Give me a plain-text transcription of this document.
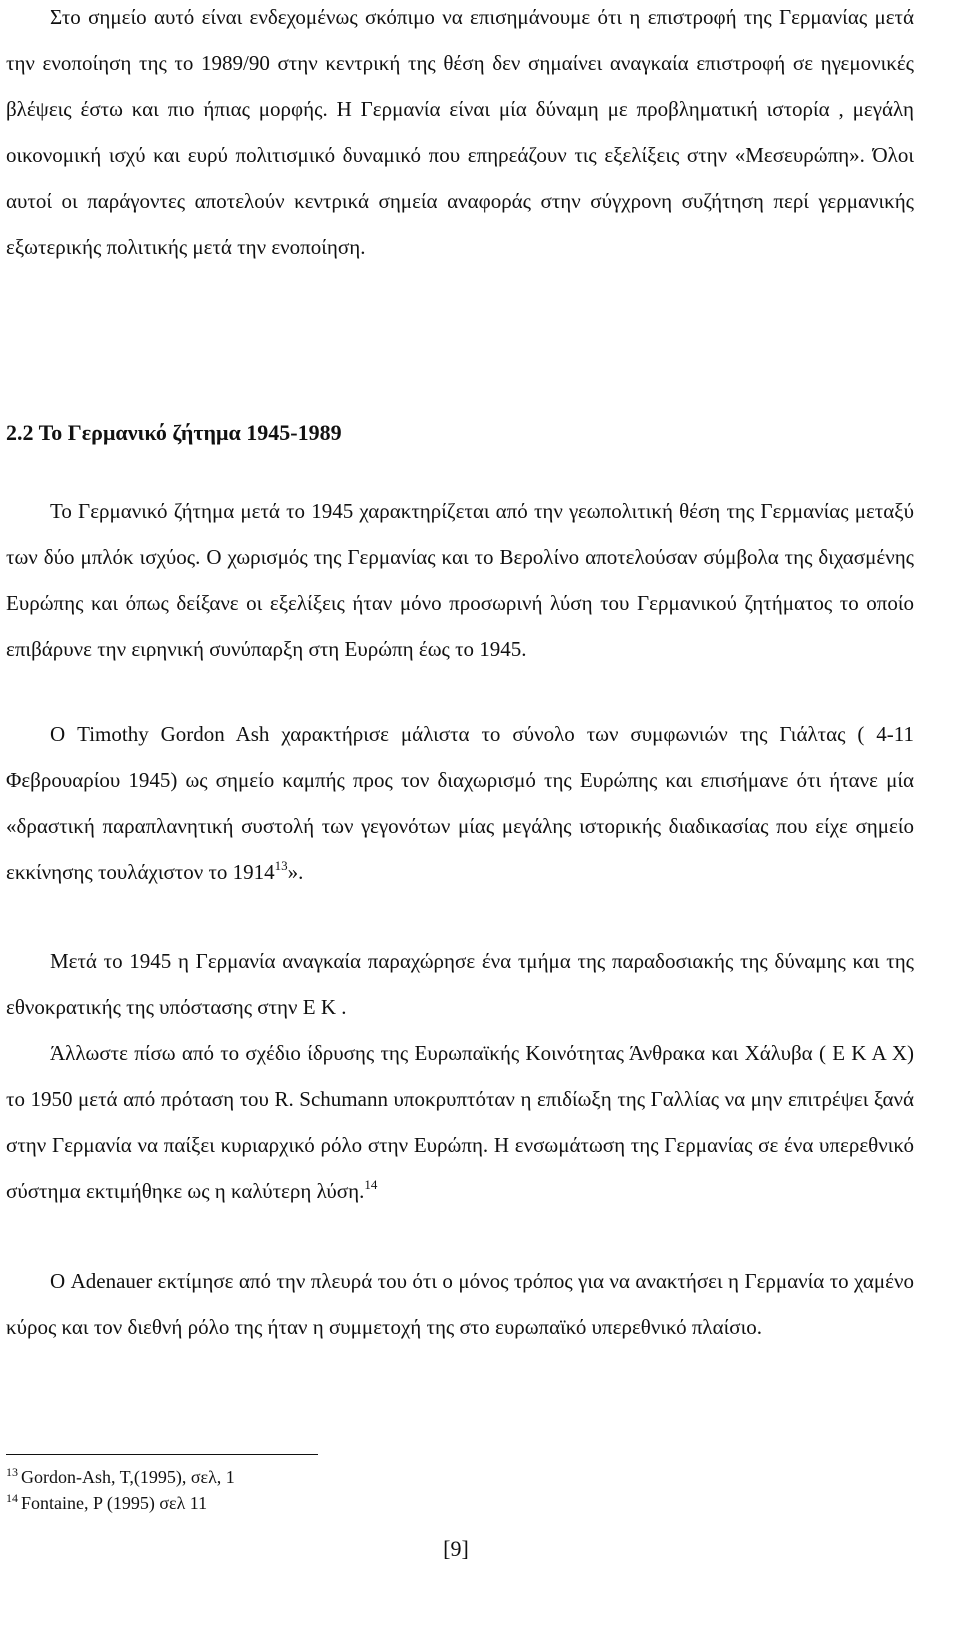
Στο σημείο αυτό είναι ενδεχομένως σκόπιμο να επισημάνουμε ότι η επιστροφή της Γερμανίας μετά την ενοποίηση της το 1989/90 στην κεντρική της θέση δεν σημαίνει αναγκαία επιστροφή σε ηγεμονικές βλέψεις έστω και πιο ήπιας μορφής. Η Γερμανία είναι μία δύναμη με προβληματική ιστορία , μεγάλη οικονομική ισχύ και ευρύ πολιτισμικό δυναμικό που επηρεάζουν τις εξελίξεις στην «Μεσευρώπη». Όλοι αυτοί οι παράγοντες αποτελούν κεντρικά σημεία αναφοράς στην σύγχρονη συζήτηση περί γερμανικής εξωτερικής πολιτικής μετά την ενοποίηση.

2.2 Το Γερμανικό ζήτημα 1945-1989

Το Γερμανικό ζήτημα μετά το 1945 χαρακτηρίζεται από την γεωπολιτική θέση της Γερμανίας μεταξύ των δύο μπλόκ ισχύος. Ο χωρισμός της Γερμανίας και το Βερολίνο αποτελούσαν σύμβολα της διχασμένης Ευρώπης και όπως δείξανε οι εξελίξεις ήταν μόνο προσωρινή λύση του Γερμανικού ζητήματος το οποίο επιβάρυνε την ειρηνική συνύπαρξη στη Ευρώπη έως το 1945.

Ο Timothy Gordon Ash χαρακτήρισε μάλιστα το σύνολο των συμφωνιών της Γιάλτας ( 4-11 Φεβρουαρίου 1945) ως σημείο καμπής προς τον διαχωρισμό της Ευρώπης και επισήμανε ότι ήτανε μία «δραστική παραπλανητική συστολή των γεγονότων μίας μεγάλης ιστορικής διαδικασίας που είχε σημείο εκκίνησης τουλάχιστον το 1914$^{13}$».

Μετά το 1945 η Γερμανία αναγκαία παραχώρησε ένα τμήμα της παραδοσιακής της δύναμης και της εθνοκρατικής της υπόστασης στην Ε Κ .

Άλλωστε πίσω από το σχέδιο ίδρυσης της Ευρωπαϊκής Κοινότητας Άνθρακα και Χάλυβα ( Ε Κ Α Χ) το 1950 μετά από πρόταση του R. Schumann υποκρυπτόταν η επιδίωξη της Γαλλίας να μην επιτρέψει ξανά στην Γερμανία να παίξει κυριαρχικό ρόλο στην Ευρώπη. Η ενσωμάτωση της Γερμανίας σε ένα υπερεθνικό σύστημα εκτιμήθηκε ως η καλύτερη λύση.$^{14}$

Ο Adenauer εκτίμησε από την πλευρά του ότι ο μόνος τρόπος για να ανακτήσει η Γερμανία το χαμένο κύρος και τον διεθνή ρόλο της ήταν η συμμετοχή της στο ευρωπαϊκό υπερεθνικό πλαίσιο.

$^{13}$ Gordon-Ash, T,(1995), σελ, 1
$^{14}$ Fontaine, P (1995) σελ 11
[9]
